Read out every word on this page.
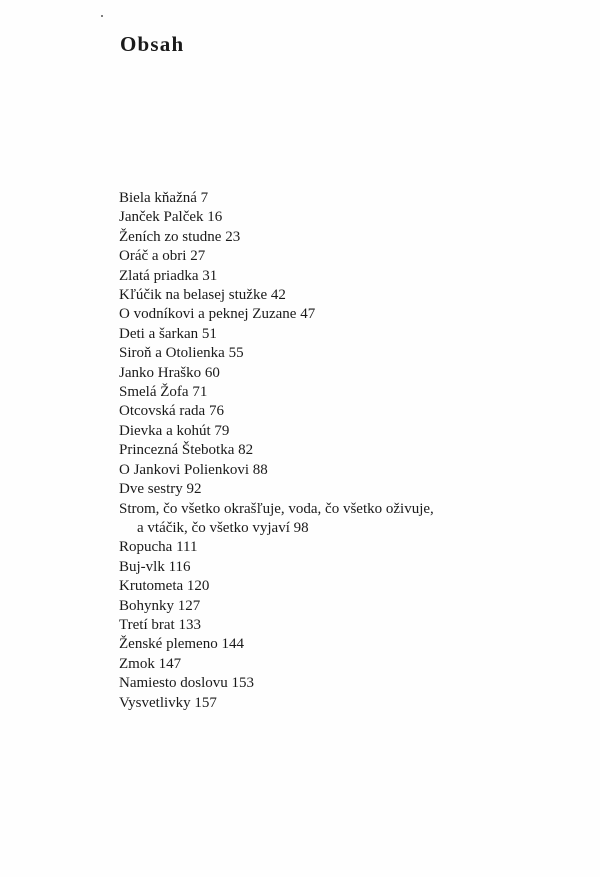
Obsah
Biela kňažná 7
Janček Palček 16
Ženích zo studne 23
Oráč a obri 27
Zlatá priadka 31
Kľúčik na belasej stužke 42
O vodníkovi a peknej Zuzane 47
Deti a šarkan 51
Siroň a Otolienka 55
Janko Hraško 60
Smelá Žofa 71
Otcovská rada 76
Dievka a kohút 79
Princezná Štebotka 82
O Jankovi Polienkovi 88
Dve sestry 92
Strom, čo všetko okrašľuje, voda, čo všetko oživuje,
a vtáčik, čo všetko vyjaví 98
Ropucha 111
Buj-vlk 116
Krutometa 120
Bohynky 127
Tretí brat 133
Ženské plemeno 144
Zmok 147
Namiesto doslovu 153
Vysvetlivky 157
